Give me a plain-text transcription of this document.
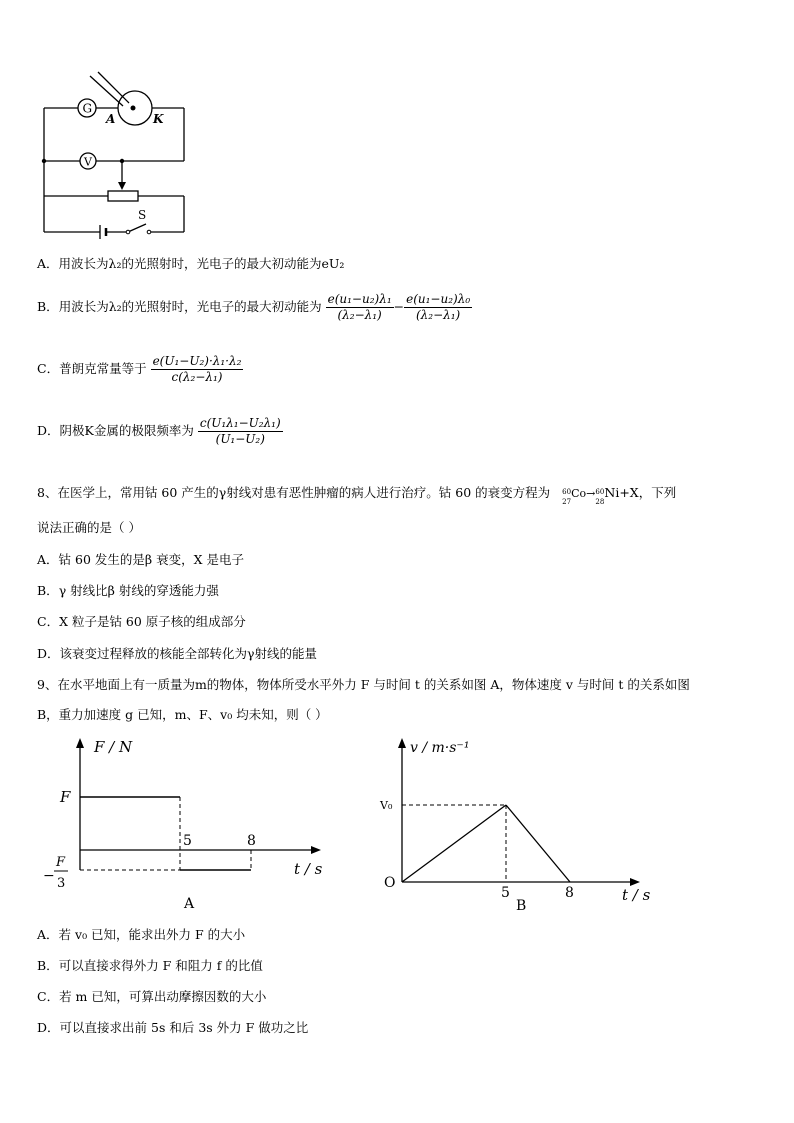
G
V
A	K
S
A．用波长为λ₂的光照射时，光电子的最大初动能为eU₂
B．用波长为λ₂的光照射时，光电子的最大初动能为 $\frac{\text{e(u₁−u₂)λ₁}}{\text{(λ₂−λ₁)}} - \frac{\text{e(u₁−u₂)λ₀}}{\text{(λ₂−λ₁)}}$
C．普朗克常量等于 $\frac{\text{e(U₁−U₂)·λ₁·λ₂}}{\text{c(λ₂−λ₁)}}$
D．阴极K金属的极限频率为 $\frac{\text{c(U₁λ₁−U₂λ₁)}}{\text{(U₁−U₂)}}$
8、在医学上，常用钴 60 产生的γ射线对患有恶性肿瘤的病人进行治疗。钴 60 的衰变方程为 60
27
Co→ 60
28
Ni+X，下列
说法正确的是（ ）
A．钴 60 发生的是β 衰变，X 是电子
B．γ 射线比β 射线的穿透能力强
C．X 粒子是钴 60 原子核的组成部分
D．该衰变过程释放的核能全部转化为γ射线的能量
9、在水平地面上有一质量为m的物体，物体所受水平外力 F 与时间 t 的关系如图 A，物体速度 v 与时间 t 的关系如图
B，重力加速度 g 已知，m、F、v₀ 均未知，则（ ）
F / N
F
−
F
3
5	8
t / s
A
v / m·s⁻¹
V₀
O
5	8
B
t / s
A．若 v₀ 已知，能求出外力 F 的大小
B．可以直接求得外力 F 和阻力 f 的比值
C．若 m 已知，可算出动摩擦因数的大小
D．可以直接求出前 5s 和后 3s 外力 F 做功之比
